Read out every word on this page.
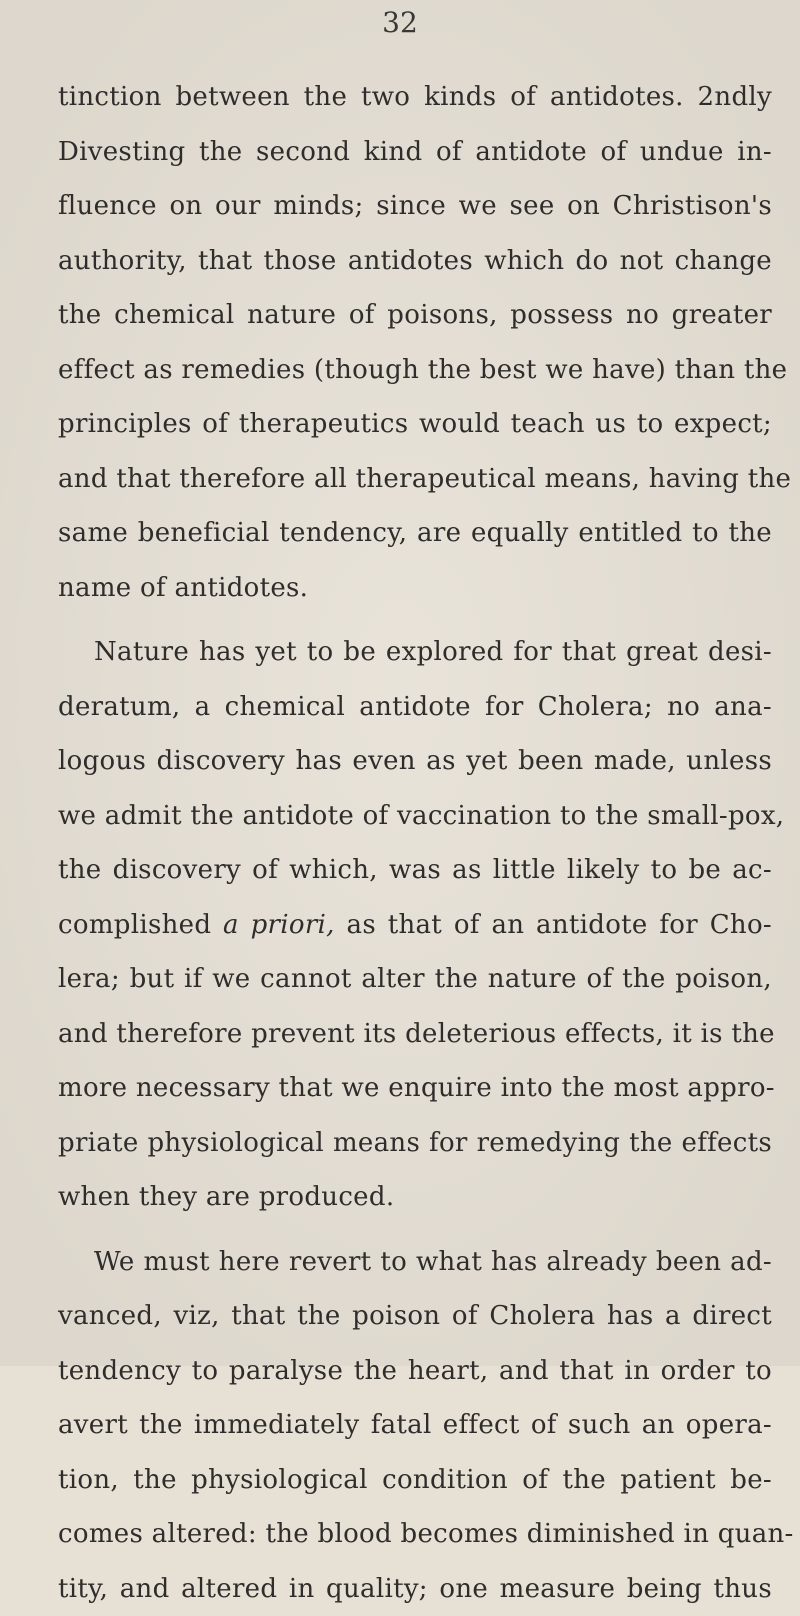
32
tinction between the two kinds of antidotes. 2ndly
Divesting the second kind of antidote of undue in-
fluence on our minds; since we see on Christison's
authority, that those antidotes which do not change
the chemical nature of poisons, possess no greater
effect as remedies (though the best we have) than the
principles of therapeutics would teach us to expect;
and that therefore all therapeutical means, having the
same beneficial tendency, are equally entitled to the
name of antidotes.
Nature has yet to be explored for that great desi-
deratum, a chemical antidote for Cholera; no ana-
logous discovery has even as yet been made, unless
we admit the antidote of vaccination to the small-pox,
the discovery of which, was as little likely to be ac-
complished a priori, as that of an antidote for Cho-
lera; but if we cannot alter the nature of the poison,
and therefore prevent its deleterious effects, it is the
more necessary that we enquire into the most appro-
priate physiological means for remedying the effects
when they are produced.
We must here revert to what has already been ad-
vanced, viz, that the poison of Cholera has a direct
tendency to paralyse the heart, and that in order to
avert the immediately fatal effect of such an opera-
tion, the physiological condition of the patient be-
comes altered: the blood becomes diminished in quan-
tity, and altered in quality; one measure being thus
